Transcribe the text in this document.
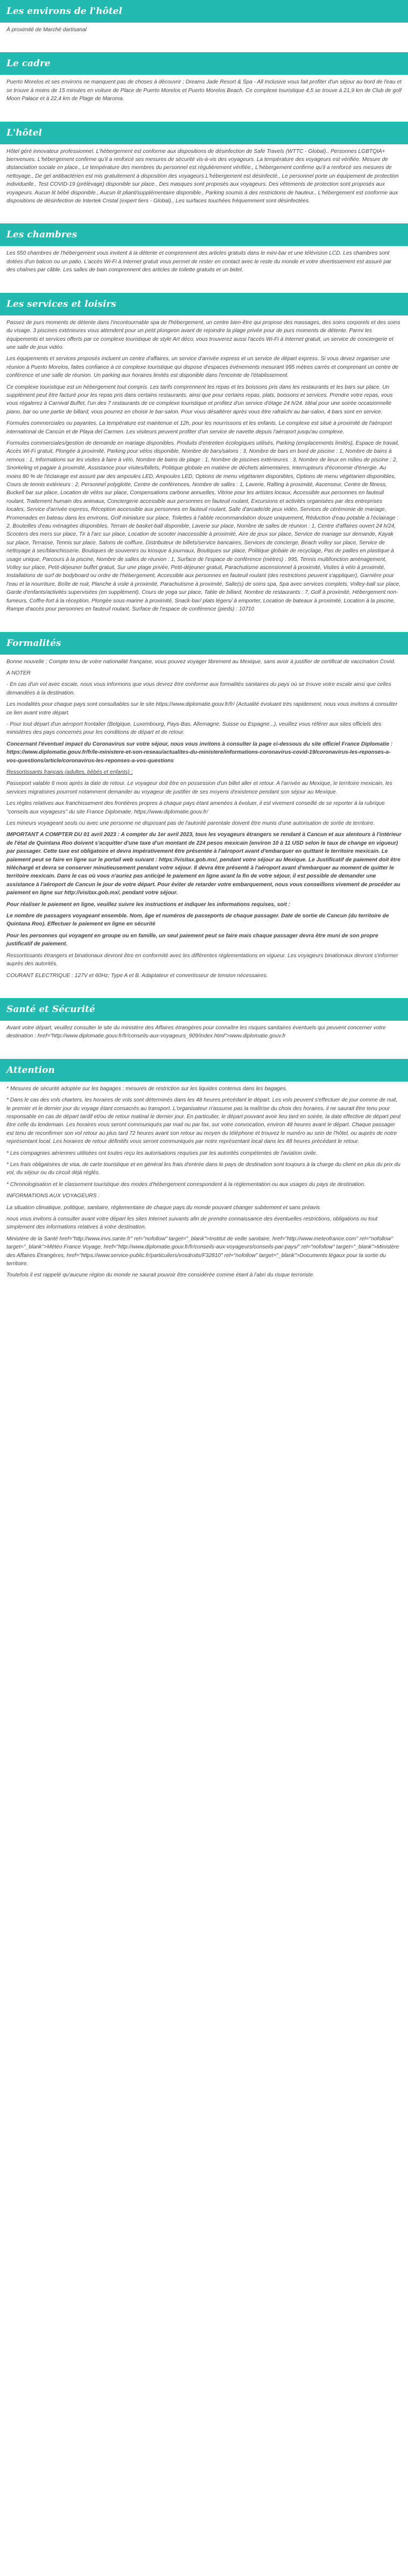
Les environs de l'hôtel

À proximité de Marché dartisanal

Le cadre

Puerto Morelos et ses environs ne manquent pas de choses à découvrir ; Dreams Jade Resort & Spa - All Inclusive vous fait profiter d'un séjour au bord de l'eau et se trouve à moins de 15 minutes en voiture de Place de Puerto Morelos et Puerto Morelos Beach. Ce complexe touristique 4,5 se trouve à 21,9 km de Club de golf Moon Palace et à 22,4 km de Plage de Maroma.

L'hôtel

Hôtel géré innovateur professionnel. L'hébergement est conforme aux dispositions de désinfection de Safe Travels (WTTC - Global)., Personnes LGBTQIA+ bienvenues. L'hébergement confirme qu'il a renforcé ses mesures de sécurité vis-à-vis des voyageurs. La température des voyageurs est vérifiée. Mesure de distanciation sociale en place., Le température des membres du personnel est régulièrement vérifiée., L'hébergement confirme qu'il a renforcé ses mesures de nettoyage., De gel antibactérien est mis gratuitement à disposition des voyageurs.L'hébergement est désinfecté., Le personnel porte un équipement de protection individuelle., Test COVID-19 (prélèvage) disponible sur place., Des masques sont proposés aux voyageurs. Des vêtements de protection sont proposés aux voyageurs. Aucun lit bébé disponible., Aucun lit pliant/supplémentaire disponible., Parking soumis à des restrictions de hauteur., L'hébergement est conforme aux dispositions de désinfection de Intertek Cristal (expert tiers - Global)., Les surfaces touchées fréquemment sont désinfectées.

Les chambres

Les 550 chambres de l'hébergement vous invitent à la détente et comprennent des articles gratuits dans le mini-bar et une télévision LCD. Les chambres sont dotées d'un balcon ou un patio. L'accès Wi-Fi à Internet gratuit vous permet de rester en contact avec le reste du monde et votre divertissement est assuré par des chaînes par câble. Les salles de bain comprennent des articles de toilette gratuits et un bidet.

Les services et loisirs

Passez de purs moments de détente dans l'incontournable spa de l'hébergement, un centre bien-être qui propose des massages, des soins corporels et des soins du visage. 3 piscines extérieures vous attendent pour un petit plongeon avant de rejoindre la plage privée pour de purs moments de détente. Parmi les équipements et services offerts par ce complexe touristique de style Art déco, vous trouverez aussi l'accès Wi-Fi à Internet gratuit, un service de conciergerie et une salle de jeux vidéo.

Les équipements et services proposés incluent un centre d'affaires, un service d'arrivée express et un service de départ express. Si vous devez organiser une réunion à Puerto Morelos, faites confiance à ce complexe touristique qui dispose d'espaces événements mesurant 995 mètres carrés et comprenant un centre de conférence et une salle de réunion. Un parking aux horaires limités est disponible dans l'enceinte de l'établissement.

Ce complexe touristique est un hébergement tout compris. Les tarifs comprennent les repas et les boissons pris dans les restaurants et les bars sur place. Un supplément peut être facturé pour les repas pris dans certains restaurants, ainsi que pour certains repas, plats, boissons et services. Prendre votre repas, vous vous régalerez à Carnival Buffet, l'un des 7 restaurants de ce complexe touristique et profitez d'un service d'étage 24 h/24. Idéal pour une soirée occasionnelle piano, bar ou une partie de billard, vous pourrez en choisir le bar-salon. Pour vous désaltérer après vous être rafraîchi au bar-salon, 4 bars sont en service.

Formules commerciales ou payantes. La température est maintenue et 12h, pour les nourrissons et les enfants. Le complexe est situé à proximité de l'aéroport international de Cancún et de Playa del Carmen. Les visiteurs peuvent profiter d'un service de navette depuis l'aéroport jusqu'au complexe.

Formules commerciales/gestion de demande en mariage disponibles. Produits d'entretien écologiques utilisés, Parking (emplacements limités), Espace de travail, Accès Wi-Fi gratuit, Plongée à proximité, Parking pour vélos disponible, Nombre de bars/salons : 3, Nombre de bars en bord de piscine : 1, Nombre de bains à remous : 1, Informations sur les visites à faire à vélo, Nombre de bains de plage : 1, Nombre de piscines extérieures : 3, Nombre de lieux en milieu de piscine : 2, Snorkeling et pagaie à proximité, Assistance pour visites/billets, Politique globale en matière de déchets alimentaires, Interrupteurs d'économie d'énergie. Au moins 80 % de l'éclairage est assuré par des ampoules LED, Ampoules LED, Options de menu végétarien disponibles, Options de menu végétarien disponibles, Cours de tennis extérieurs : 2, Personnel polyglotte, Centre de conférences, Nombre de salles : 1, Laverie, Rafting à proximité, Ascenseur, Centre de fitness, Buckell bar sur place, Location de vélos sur place, Compensations carbone annuelles, Vitrine pour les artistes locaux, Accessible aux personnes en fauteuil roulant, Traitement humain des animaux, Conciergerie accessible aux personnes en fauteuil roulant, Excursions et activités organisées par des entreprises locales, Service d'arrivée express, Réception accessible aux personnes en fauteuil roulant, Salle d'arcade/de jeux vidéo, Services de cérémonie de mariage, Promenades en bateau dans les environs, Golf miniature sur place, Toilettes à l'abble recommandation douze uniquement, Réduction d'eau potable à l'éclairage : 2, Bouteilles d'eau ménagées disponibles, Terrain de basket-ball disponible, Laverie sur place, Nombre de salles de réunion : 1, Centre d'affaires ouvert 24 h/24, Scooters des mers sur place, Tir à l'arc sur place, Location de scooter inaccessible à proximité, Aire de jeux sur place, Service de mariage sur demande, Kayak sur place, Terrasse, Tennis sur place, Salons de coiffure, Distributeur de billets/service bancaires, Services de concierge, Beach volley sur place, Service de nettoyage à sec/blanchisserie, Boutiques de souvenirs ou kiosque à journaux, Boutiques sur place, Politique globale de recyclage, Pas de pailles en plastique à usage unique, Parcours à la piscine, Nombre de salles de réunion : 1, Surface de l'espace de conférence (mètres) : 995, Tennis multifonction aménagement, Volley sur place, Petit-déjeuner buffet gratuit, Sur une plage privée, Petit-déjeuner gratuit, Parachutisme ascensionnel à proximité, Visites à vélo à proximité, Installations de surf de bodyboard ou ordre de l'hébergement, Accessible aux personnes en fauteuil roulant (des restrictions peuvent s'appliquer), Garnière pour l'eau et la nourriture, Boîte de nuit, Planche à voile à proximité, Parachutisme à proximité, Salle(s) de soins spa, Spa avec services complets, Volley-ball sur place, Garde d'enfants/activités supervisées (en supplément), Cours de yoga sur place, Table de billard, Nombre de restaurants : 7, Golf à proximité, Hébergement non-fumeurs, Coffre-fort à la réception, Plongée sous-marine à proximité, Snack-bar/ plats légers/ à emporter, Location de bateaux à proximité, Location à la piscine, Rampe d'accès pour personnes en fauteuil roulant, Surface de l'espace de conférence (pieds) : 10710

Formalités

Bonne nouvelle ; Compte tenu de votre nationalité française, vous pouvez voyager librement au Mexique, sans avoir à justifier de certificat de vaccination Covid.

A NOTER

- En cas d'un vol avec escale, nous vous informons que vous devrez être conforme aux formalités sanitaires du pays où se trouve votre escale ainsi que celles demandées à la destination.

Les modalités pour chaque pays sont consultables sur le site https://www.diplomatie.gouv.fr/fr/ (Actualité évoluant très rapidement, nous vous invitons à consulter ce lien avant votre départ.

- Pour tout départ d'un aéroport frontalier (Belgique, Luxembourg, Pays-Bas, Allemagne, Suisse ou Espagne...), veuillez vous référer aux sites officiels des ministères des pays concernés pour les conditions de départ et de retour.

Concernant l'éventuel impact du Coronavirus sur votre séjour, nous vous invitons à consulter la page ci-dessous du site officiel France Diplomatie : https://www.diplomatie.gouv.fr/fr/le-ministere-et-son-reseau/actualites-du-ministere/informations-coronavirus-covid-19/coronavirus-les-reponses-a-vos-questions/article/coronavirus-les-reponses-a-vos-questions

Ressortissants français (adultes, bébés et enfants) :

Passeport valable 6 mois après la date de retour. Le voyageur doit être en possession d'un billet aller et retour. A l'arrivée au Mexique, le territoire mexicain, les services migratoires pourront notamment demander au voyageur de justifier de ses moyens d'existence pendant son séjour au Mexique.

Les règles relatives aux franchissement des frontières propres à chaque pays étant amenées à évoluer, il est vivement conseillé de se reporter à la rubrique "conseils aux voyageurs" du site France Diplomatie, https://www.diplomatie.gouv.fr/

Les mineurs voyageant seuls ou avec une personne ne disposant pas de l'autorité parentale doivent être munis d'une autorisation de sortie de territoire.

IMPORTANT A COMPTER DU 01 avril 2023 : A compter du 1er avril 2023, tous les voyageurs étrangers se rendant à Cancun et aux alentours à l'intérieur de l'état de Quintana Roo doivent s'acquitter d'une taxe d'un montant de 224 pesos mexicain (environ 10 à 11 USD selon le taux de change en vigueur) par passager. Cette taxe est obligatoire et devra impérativement être présentée à l'aéroport avant d'embarquer en quittant le territoire mexicain. Le paiement peut se faire en ligne sur le portail web suivant : https://visitax.gob.mx/, pendant votre séjour au Mexique. Le Justificatif de paiement doit être téléchargé et devra se conserver minutieusement pendant votre séjour. Il devra être présenté à l'aéroport avant d'embarquer au moment de quitter le territoire mexicain. Dans le cas où vous n'auriez pas anticipé le paiement en ligne avant la fin de votre séjour, il est possible de demander une assistance à l'aéroport de Cancun le jour de votre départ. Pour éviter de retarder votre embarquement, nous vous conseillons vivement de procéder au paiement en ligne sur http://visitax.gob.mx/, pendant votre séjour.

Pour réaliser le paiement en ligne, veuillez suivre les instructions et indiquer les informations requises, soit :

Le nombre de passagers voyageant ensemble. Nom, âge et numéros de passeports de chaque passager. Date de sortie de Cancun (du territoire de Quintana Roo). Effectuer le paiement en ligne en sécurité

Pour les personnes qui voyagent en groupe ou en famille, un seul paiement peut se faire mais chaque passager devra être muni de son propre justificatif de paiement.

Ressortissants étrangers et binationaux devront être en conformité avec les différentes réglementations en vigueur. Les voyageurs binationaux devront s'informer auprès des autorités.

COURANT ELECTRIQUE : 127V et 60Hz; Type A et B. Adaptateur et convertisseur de tension nécessaires.

Santé et Sécurité

Avant votre départ, veuillez consulter le site du ministère des Affaires étrangères pour connaître les risques sanitaires éventuels qui peuvent concerner votre destination : href="http://www.diplomatie.gouv.fr/fr/conseils-aux-voyageurs_909/index.html">www.diplomatie.gouv.fr

Attention

* Mesures de sécurité adoptée sur les bagages : mesures de restriction sur les liquides contenus dans les bagages.

* Dans le cas des vols charters, les horaires de vols sont déterminés dans les 48 heures précédant le départ. Les vols peuvent s'effectuer de jour comme de nuit, le premier et le dernier jour du voyage étant consacrés au transport. L'organisateur n'assume pas la maîtrise du choix des horaires, il ne saurait être tenu pour responsable en cas de départ tardif et/ou de retour matinal le dernier jour. En particulier, le départ pouvant avoir lieu tard en soirée, la date effective de départ peut être celle du lendemain. Les horaires vous seront communiqués par mail ou par fax, sur votre convocation, environ 48 heures avant le départ. Chaque passager est tenu de reconfirmer son vol retour au plus tard 72 heures avant son retour au moyen du téléphone et trouvez le numéro au sein de l'hôtel, ou auprès de notre représentant local. Les horaires de retour définitifs vous seront communiqués par notre représentant local dans les 48 heures précédant le retour.

* Les compagnies aériennes utilisées ont toutes reçu les autorisations requises par les autorités compétentes de l'aviation civile.

* Les frais obligatoires de visa, de carte touristique et en général les frais d'entrée dans le pays de destination sont toujours à la charge du client en plus du prix du vol, du séjour ou du circuit déjà réglés.

* Chronologisation et le classement touristique des modes d'hébergement correspondent à la réglementation ou aux usages du pays de destination.

INFORMATIONS AUX VOYAGEURS :

La situation climatique, politique, sanitaire, réglementaire de chaque pays du monde pouvant changer subitement et sans préavis

nous vous invitons à consulter avant votre départ les sites Internet suivants afin de prendre connaissance des éventuelles restrictions, obligations ou tout simplement des informations relatives à votre destination.

Ministère de la Santé href="http://www.invs.sante.fr" rel="nofollow" target="_blank">Institut de veille sanitaire, href="http://www.meteofrance.com" rel="nofollow" target="_blank">Météo France Voyage, href="http://www.diplomatie.gouv.fr/fr/conseils-aux-voyageurs/conseils-par-pays/" rel="nofollow" target="_blank">Ministère des Affaires Étrangères, href="https://www.service-public.fr/particuliers/vosdroits/F32810" rel="nofollow" target="_blank">Documents légaux pour la sortie du territoire.

Toutefois il est rappelé qu'aucune région du monde ne saurait pouvoir être considérée comme étant à l'abri du risque terroriste.
